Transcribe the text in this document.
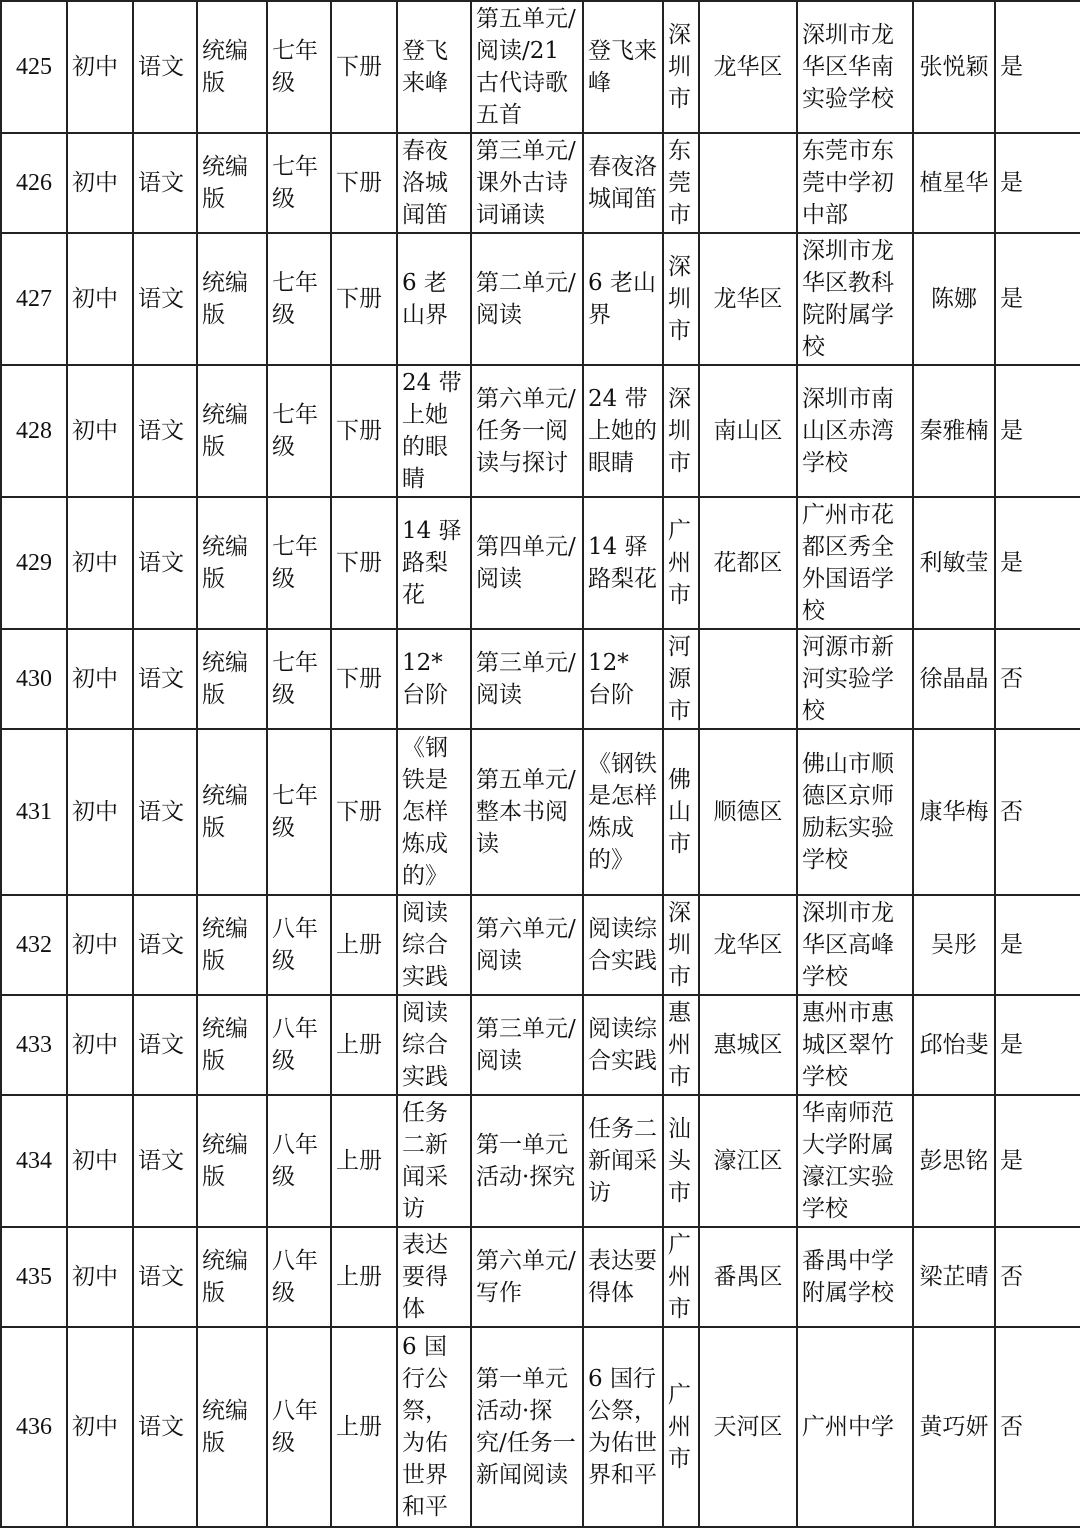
425	初中	语文	统编版	七年级	下册	登飞来峰	第五单元/阅读/21古代诗歌五首	登飞来峰	深圳市	龙华区	深圳市龙华区华南实验学校	张悦颖	是
426	初中	语文	统编版	七年级	下册	春夜洛城闻笛	第三单元/课外古诗词诵读	春夜洛城闻笛	东莞市		东莞市东莞中学初中部	植星华	是
427	初中	语文	统编版	七年级	下册	6 老山界	第二单元/阅读	6 老山界	深圳市	龙华区	深圳市龙华区教科院附属学校	陈娜	是
428	初中	语文	统编版	七年级	下册	24 带上她的眼睛	第六单元/任务一阅读与探讨	24 带上她的眼睛	深圳市	南山区	深圳市南山区赤湾学校	秦雅楠	是
429	初中	语文	统编版	七年级	下册	14 驿路梨花	第四单元/阅读	14 驿路梨花	广州市	花都区	广州市花都区秀全外国语学校	利敏莹	是
430	初中	语文	统编版	七年级	下册	12* 台阶	第三单元/阅读	12* 台阶	河源市		河源市新河实验学校	徐晶晶	否
431	初中	语文	统编版	七年级	下册	《钢铁是怎样炼成的》	第五单元/整本书阅读	《钢铁是怎样炼成的》	佛山市	顺德区	佛山市顺德区京师励耘实验学校	康华梅	否
432	初中	语文	统编版	八年级	上册	阅读综合实践	第六单元/阅读	阅读综合实践	深圳市	龙华区	深圳市龙华区高峰学校	吴彤	是
433	初中	语文	统编版	八年级	上册	阅读综合实践	第三单元/阅读	阅读综合实践	惠州市	惠城区	惠州市惠城区翠竹学校	邱怡斐	是
434	初中	语文	统编版	八年级	上册	任务二新闻采访	第一单元活动·探究	任务二新闻采访	汕头市	濠江区	华南师范大学附属濠江实验学校	彭思铭	是
435	初中	语文	统编版	八年级	上册	表达要得体	第六单元/写作	表达要得体	广州市	番禺区	番禺中学附属学校	梁芷晴	否
436	初中	语文	统编版	八年级	上册	6 国行公祭，为佑世界和平	第一单元活动·探究/任务一新闻阅读	6 国行公祭，为佑世界和平	广州市	天河区	广州中学	黄巧妍	否
